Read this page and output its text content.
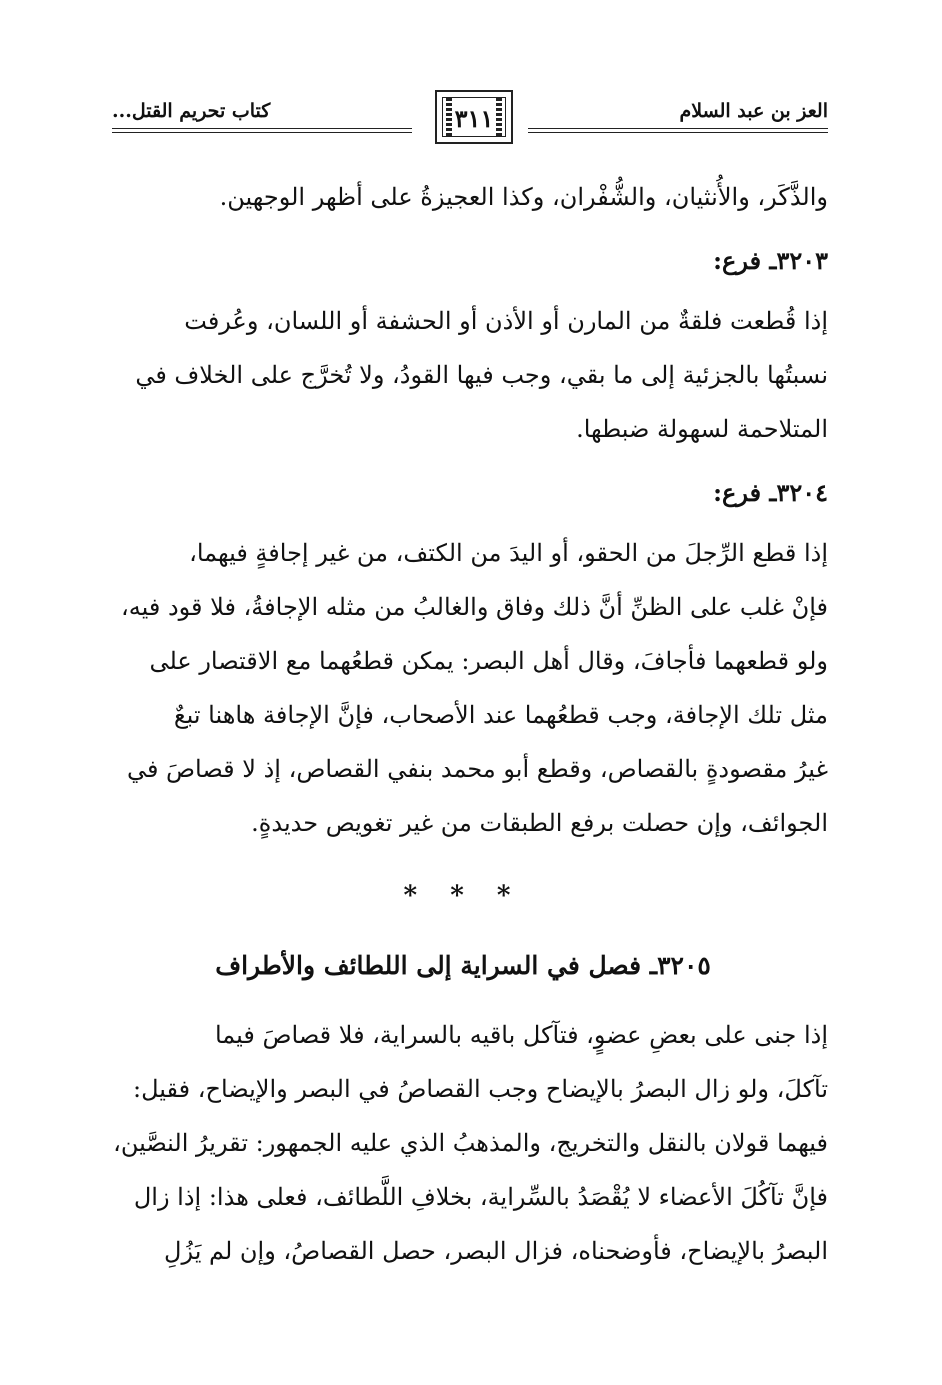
العز بن عبد السلام
٣١١
كتاب تحريم القتل...
والذَّكَر، والأُنثيان، والشُّفْران، وكذا العجيزةُ على أظهر الوجهين.
٣٢٠٣ـ فرع:
إذا قُطعت فلقةٌ من المارن أو الأذن أو الحشفة أو اللسان، وعُرفت
نسبتُها بالجزئية إلى ما بقي، وجب فيها القودُ، ولا تُخرَّج على الخلاف في
المتلاحمة لسهولة ضبطها.
٣٢٠٤ـ فرع:
إذا قطع الرِّجلَ من الحقو، أو اليدَ من الكتف، من غير إجافةٍ فيهما،
فإنْ غلب على الظنِّ أنَّ ذلك وفاق والغالبُ من مثله الإجافةُ، فلا قود فيه،
ولو قطعهما فأجافَ، وقال أهل البصر: يمكن قطعُهما مع الاقتصار على
مثل تلك الإجافة، وجب قطعُهما عند الأصحاب، فإنَّ الإجافة هاهنا تبعٌ
غيرُ مقصودةٍ بالقصاص، وقطع أبو محمد بنفي القصاص، إذ لا قصاصَ في
الجوائف، وإن حصلت برفع الطبقات من غير تغويص حديدةٍ.
* * *
٣٢٠٥ـ فصل في السراية إلى اللطائف والأطراف
إذا جنى على بعضِ عضوٍ، فتآكل باقيه بالسراية، فلا قصاصَ فيما
تآكلَ، ولو زال البصرُ بالإيضاح وجب القصاصُ في البصر والإيضاح، فقيل:
فيهما قولان بالنقل والتخريج، والمذهبُ الذي عليه الجمهور: تقريرُ النصَّين،
فإنَّ تآكُلَ الأعضاء لا يُقْصَدُ بالسِّراية، بخلافِ اللَّطائف، فعلى هذا: إذا زال
البصرُ بالإيضاح، فأوضحناه، فزال البصر، حصل القصاصُ، وإن لم يَزُلِ
